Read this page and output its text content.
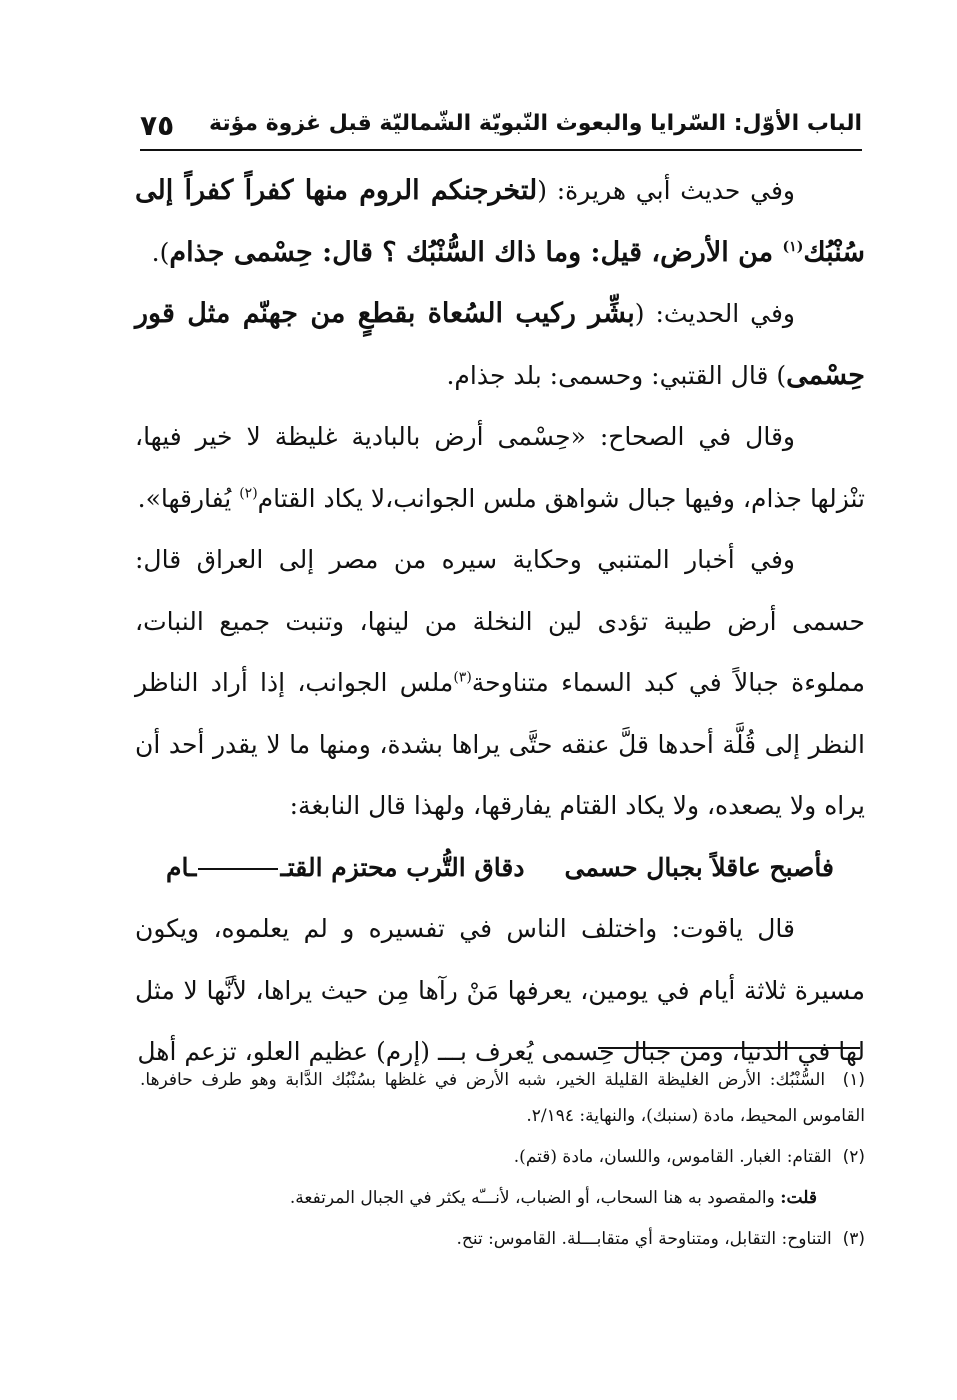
الباب الأوّل: السّرايا والبعوث النّبويّة الشّماليّة قبل غزوة مؤتة
٧٥

وفي حديث أبي هريرة: (لتخرجنكم الروم منها كفراً كفراً إلى سُنْبُك$^{(١)}$ من الأرض، قيل: وما ذاك السُّنْبُك ؟ قال: حِسْمى جذام).

وفي الحديث: (بشِّر ركيب السُعاة بقطعٍ من جهنّم مثل قور حِسْمى) قال القتبي: وحسمى: بلد جذام.

وقال في الصحاح: «حِسْمى أرض بالبادية غليظة لا خير فيها، تنْزلها جذام، وفيها جبال شواهق ملس الجوانب،لا يكاد القتام$^{(٢)}$ يُفارقها».

وفي أخبار المتنبي وحكاية سيره من مصر إلى العراق قال: حسمى أرض طيبة تؤدى لين النخلة من لينها، وتنبت جميع النبات، مملوءة جبالاً في كبد السماء متناوحة$^{(٣)}$ملس الجوانب، إذا أراد الناظر النظر إلى قُلَّة أحدها قلَّ عنقه حتَّى يراها بشدة، ومنها ما لا يقدر أحد أن يراه ولا يصعده، ولا يكاد القتام يفارقها، ولهذا قال النابغة:

فأصبح عاقلاً بجبال حسمىدقاق التُّرب محتزم القتــام

قال ياقوت: واختلف الناس في تفسيره و لم يعلموه، ويكون مسيرة ثلاثة أيام في يومين، يعرفها مَنْ رآها مِن حيث يراها، لأنَّها لا مثل لها في الدنيا، ومن جبال حِسمى يُعرف بـــ (إرم) عظيم العلو، تزعم أهل

(١)  السُّنْبُك: الأرض الغليظة القليلة الخير، شبه الأرض في غلظها بسُنْبُك الدَّابة وهو طرف حافرها. القاموس المحيط، مادة (سنبك)، والنهاية: ٢/١٩٤.

(٢)  القتام: الغبار. القاموس، واللسان، مادة (قتم).

قلت: والمقصود به هنا السحاب، أو الضباب، لأنـــّه يكثر في الجبال المرتفعة.

(٣)  التناوح: التقابل، ومتناوحة أي متقابـــلة. القاموس: تنح.
